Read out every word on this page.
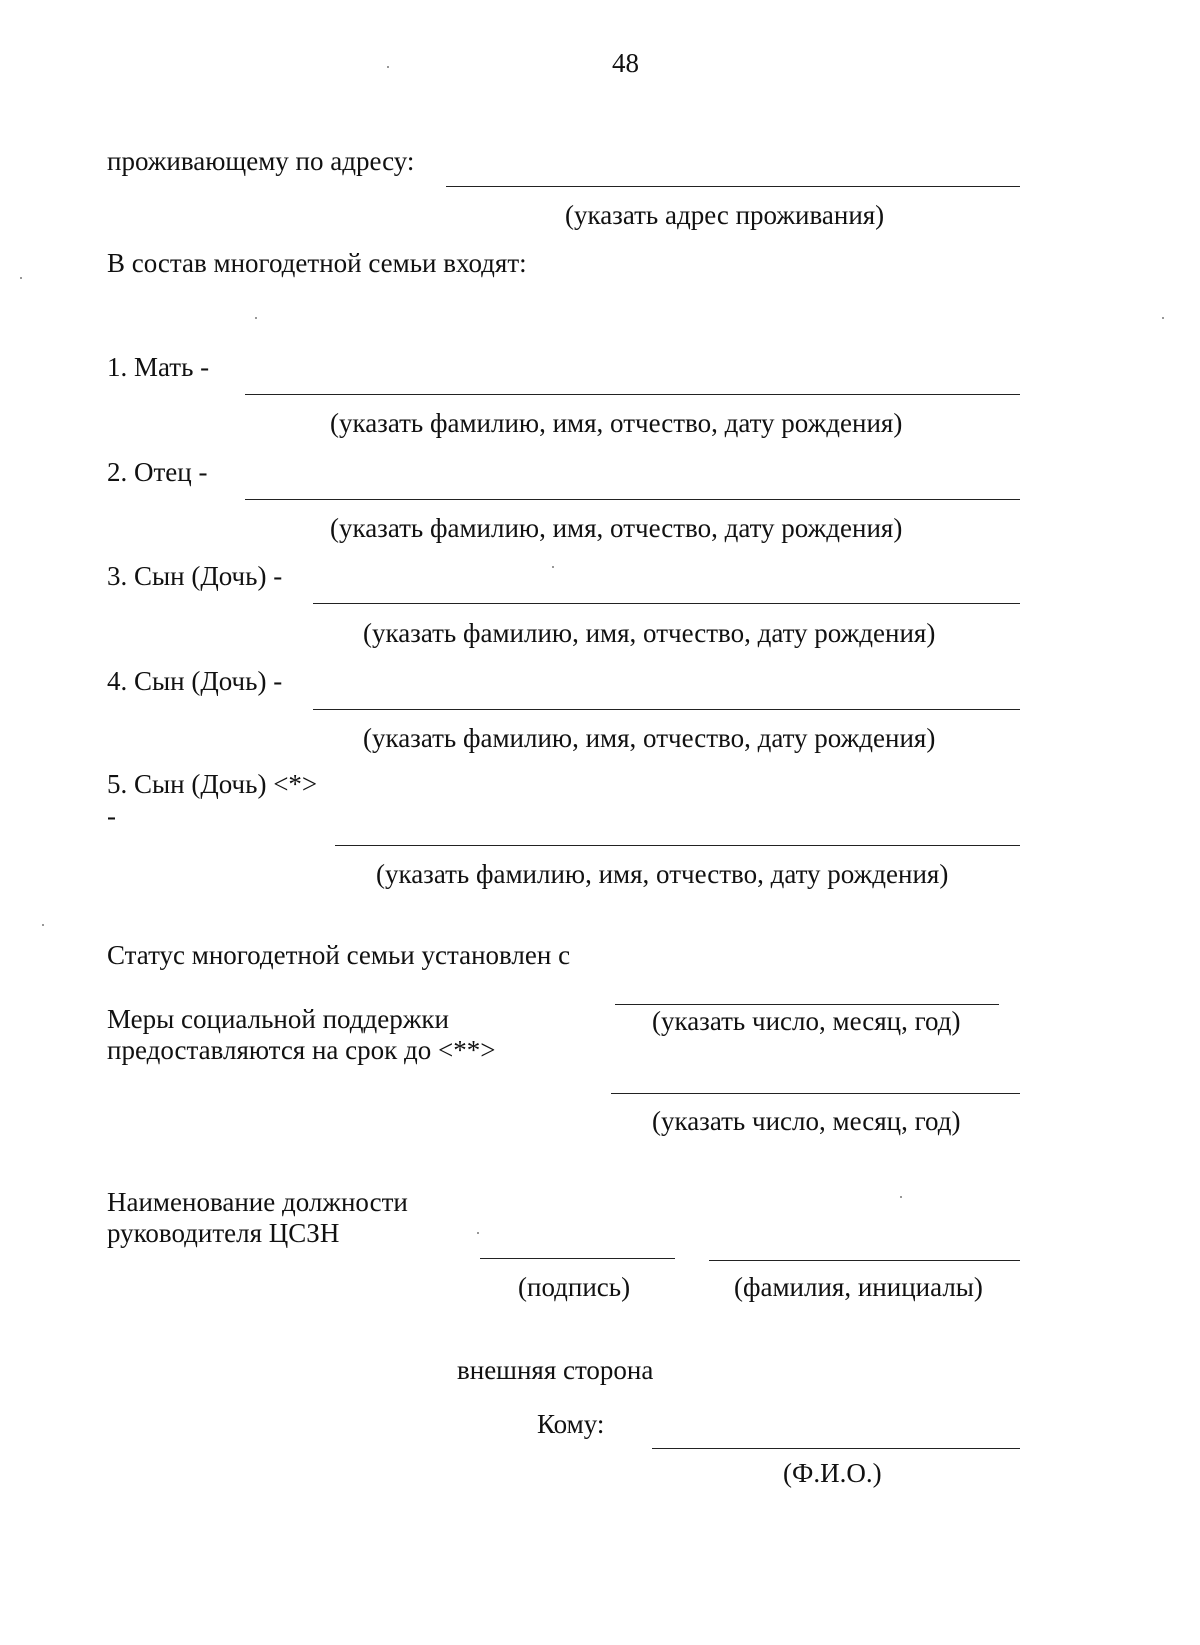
48
проживающему по адресу:
(указать адрес проживания)
В состав многодетной семьи входят:
1. Мать -
(указать фамилию, имя, отчество, дату рождения)
2. Отец -
(указать фамилию, имя, отчество, дату рождения)
3. Сын (Дочь) -
(указать фамилию, имя, отчество, дату рождения)
4. Сын (Дочь) -
(указать фамилию, имя, отчество, дату рождения)
5. Сын (Дочь) <*>
-
(указать фамилию, имя, отчество, дату рождения)
Статус многодетной семьи установлен с
(указать число, месяц, год)
Меры социальной поддержки
предоставляются на срок до <**>
(указать число, месяц, год)
Наименование должности
руководителя ЦСЗН
(подпись)	(фамилия, инициалы)
внешняя сторона
Кому:
(Ф.И.О.)
